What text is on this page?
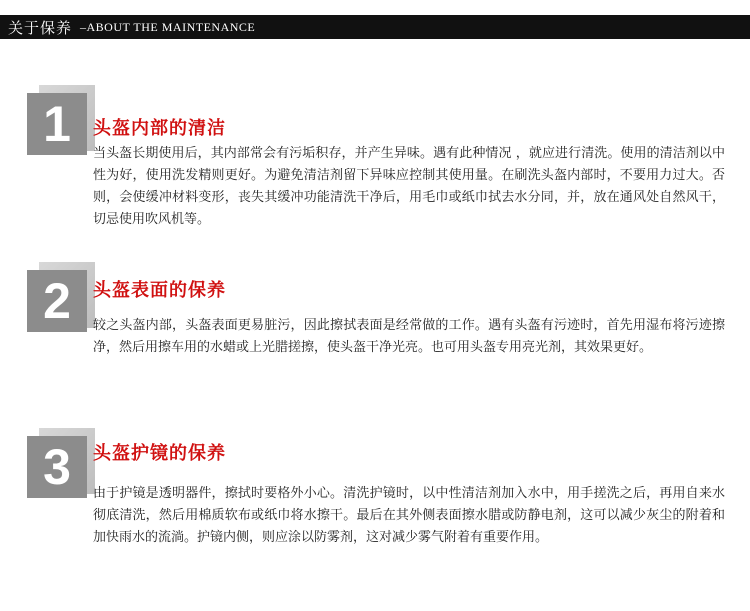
关于保养 –ABOUT THE MAINTENANCE
1 头盔内部的清洁
当头盔长期使用后，其内部常会有污垢积存，并产生异味。遇有此种情况 ，就应进行清洗。使用的清洁剂以中性为好，使用洗发精则更好。为避免清洁剂留下异味应控制其使用量。在刷洗头盔内部时，不要用力过大。否则，会使缓冲材料变形，丧失其缓冲功能清洗干净后，用毛巾或纸巾拭去水分同，并，放在通风处自然风干，切忌使用吹风机等。
2 头盔表面的保养
较之头盔内部，头盔表面更易脏污，因此擦拭表面是经常做的工作。遇有头盔有污迹时，首先用湿布将污迹擦净，然后用擦车用的水蜡或上光腊搓擦，使头盔干净光亮。也可用头盔专用亮光剂，其效果更好。
3 头盔护镜的保养
由于护镜是透明器件，擦拭时要格外小心。清洗护镜时，以中性清洁剂加入水中，用手搓洗之后，再用自来水彻底清洗，然后用棉质软布或纸巾将水擦干。最后在其外侧表面擦水腊或防静电剂，这可以减少灰尘的附着和加快雨水的流淌。护镜内侧，则应涂以防雾剂，这对减少雾气附着有重要作用。
